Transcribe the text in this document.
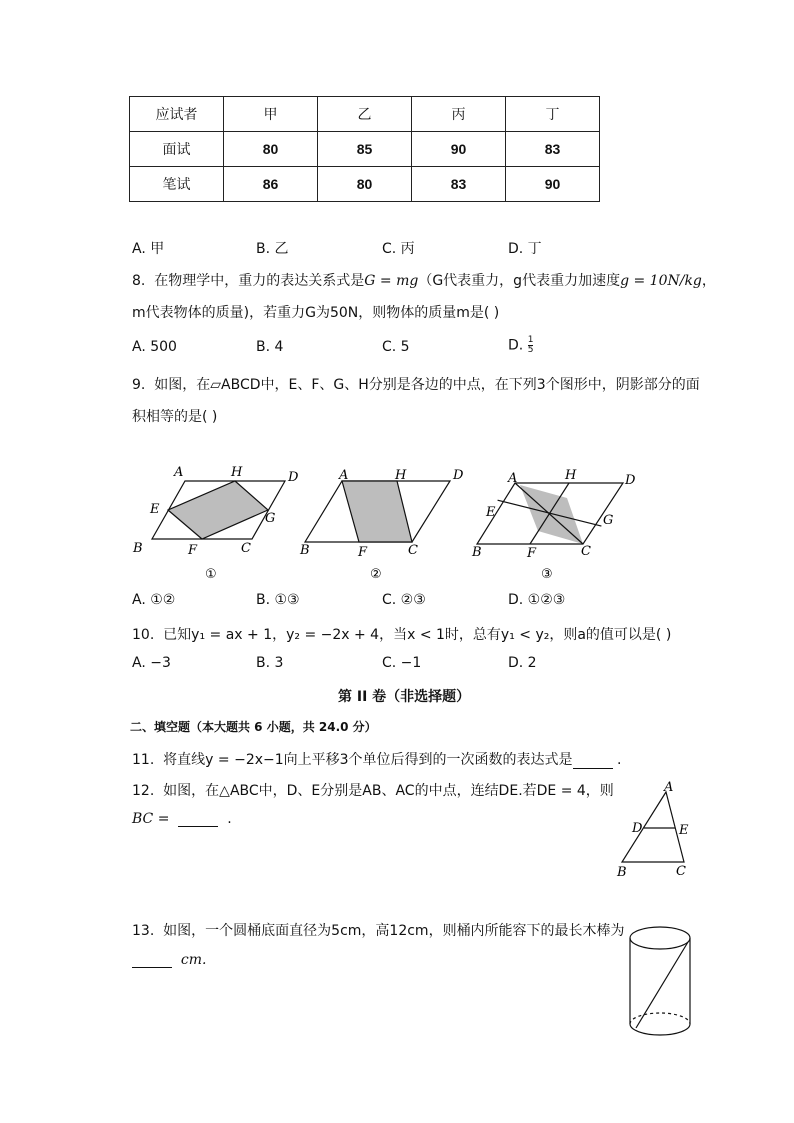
应试者	甲	乙	丙	丁
面试	80	85	90	83
笔试	86	80	83	90
A. 甲	B. 乙	C. 丙	D. 丁
8. 在物理学中，重力的表达关系式是G = mg（G代表重力，g代表重力加速度g = 10N/kg，
m代表物体的质量)，若重力G为50N，则物体的质量m是( )
A. 500	B. 4	C. 5	D. $\frac{1}{5}$
9. 如图，在▱ABCD中，E、F、G、H分别是各边的中点，在下列3个图形中，阴影部分的面
积相等的是( )
A	H	D
E
G
B	F	C
①
A	H	D
B	F	C
②
A	H	D
E
G
B	F	C
③
A. ①②	B. ①③	C. ②③	D. ①②③
10. 已知y₁ = ax + 1，y₂ = −2x + 4，当x < 1时，总有y₁ < y₂，则a的值可以是( )
A. −3	B. 3	C. −1	D. 2
第 II 卷（非选择题）
二、填空题（本大题共 6 小题，共 24.0 分）
11. 将直线y = −2x−1向上平移3个单位后得到的一次函数的表达式是	.
12. 如图，在△ABC中，D、E分别是AB、AC的中点，连结DE.若DE = 4，则
BC =	.
A
D	E
B	C
13. 如图，一个圆桶底面直径为5cm，高12cm，则桶内所能容下的最长木棒为
cm.
